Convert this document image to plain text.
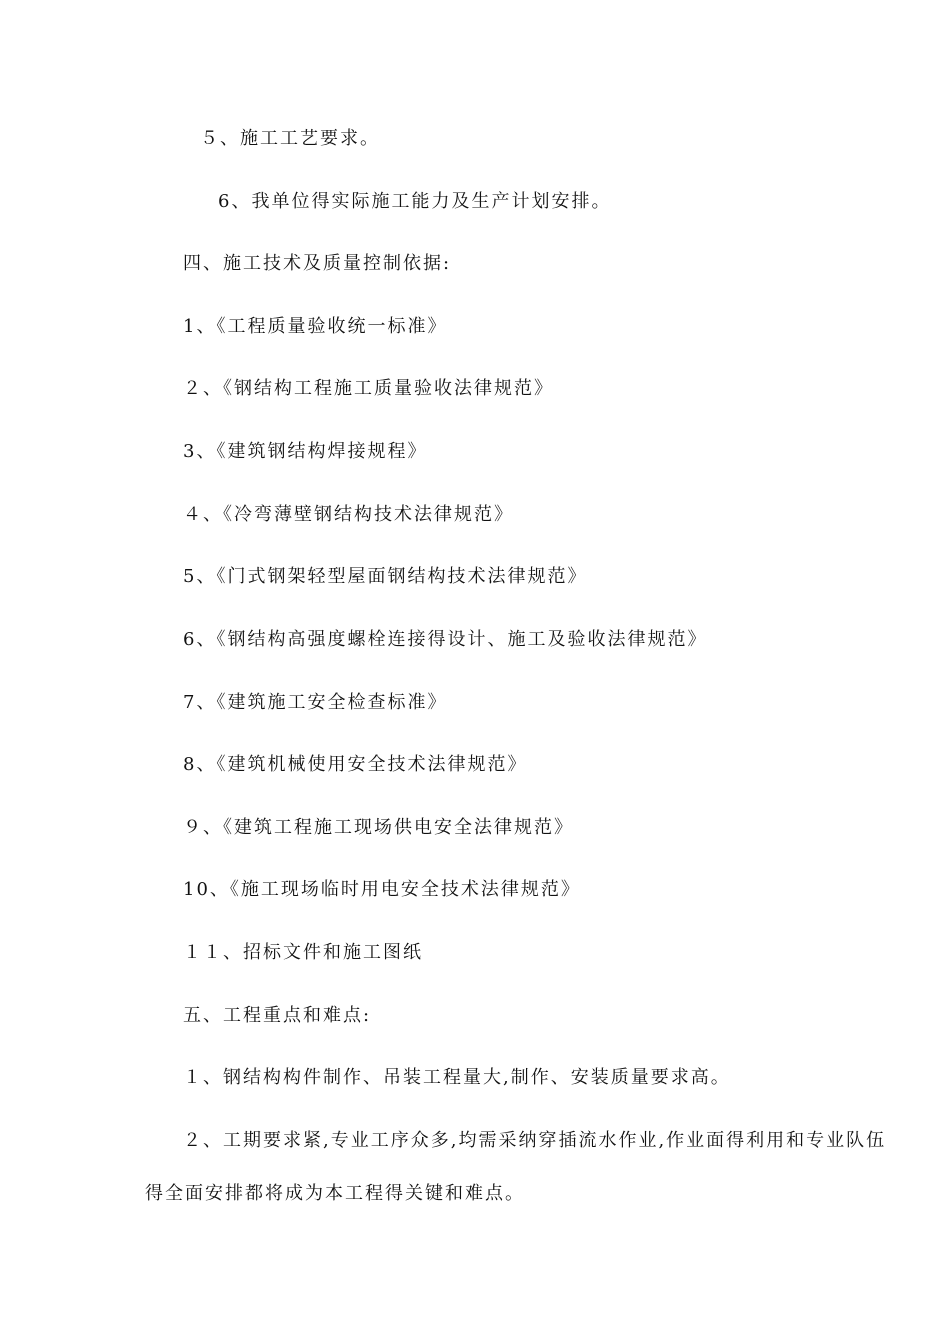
５、施工工艺要求。
6、我单位得实际施工能力及生产计划安排。
四、施工技术及质量控制依据:
1、《工程质量验收统一标准》
２、《钢结构工程施工质量验收法律规范》
3、《建筑钢结构焊接规程》
４、《冷弯薄壁钢结构技术法律规范》
5、《门式钢架轻型屋面钢结构技术法律规范》
6、《钢结构高强度螺栓连接得设计、施工及验收法律规范》
7、《建筑施工安全检查标准》
8、《建筑机械使用安全技术法律规范》
９、《建筑工程施工现场供电安全法律规范》
10、《施工现场临时用电安全技术法律规范》
１１、招标文件和施工图纸
五、工程重点和难点:
１、钢结构构件制作、吊装工程量大,制作、安装质量要求高。
２、工期要求紧,专业工序众多,均需采纳穿插流水作业,作业面得利用和专业队伍
得全面安排都将成为本工程得关键和难点。
